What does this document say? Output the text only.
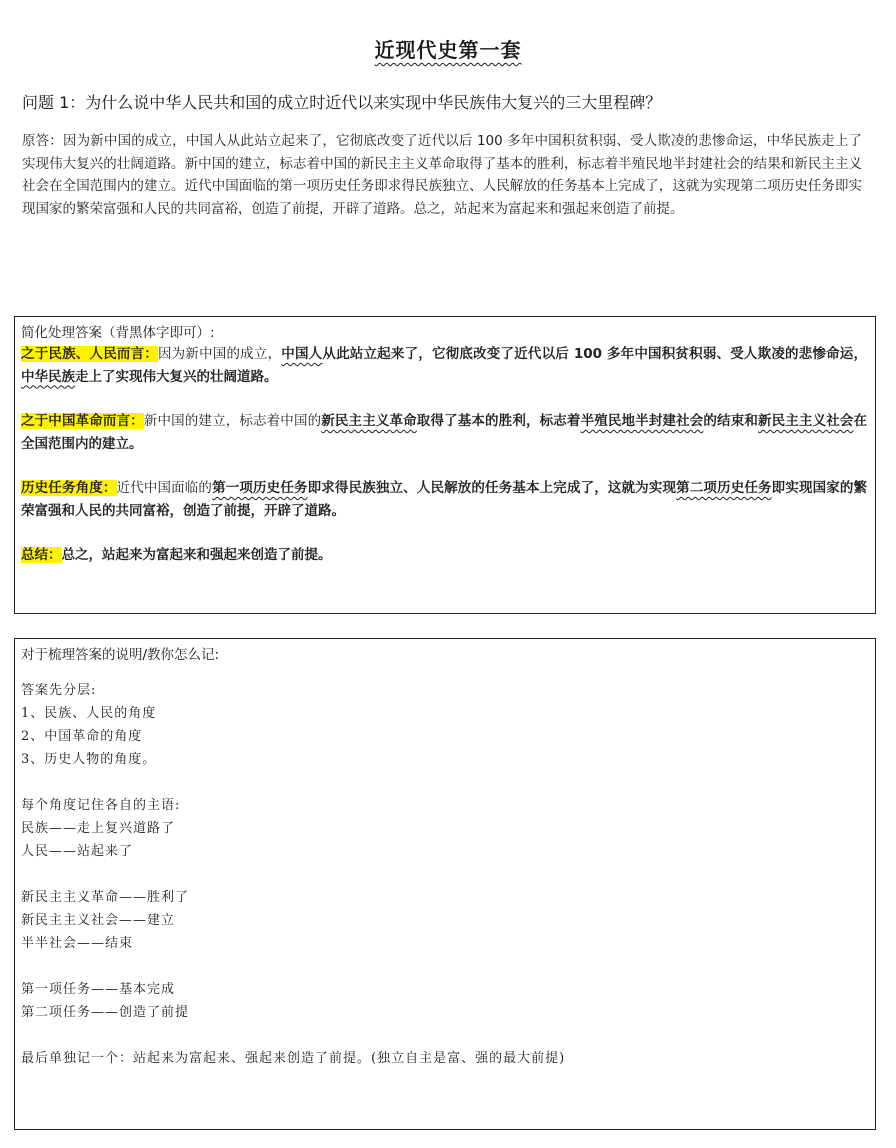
近现代史第一套
问题 1：为什么说中华人民共和国的成立时近代以来实现中华民族伟大复兴的三大里程碑？
原答：因为新中国的成立，中国人从此站立起来了，它彻底改变了近代以后 100 多年中国积贫积弱、受人欺凌的悲惨命运，中华民族走上了实现伟大复兴的壮阔道路。新中国的建立，标志着中国的新民主主义革命取得了基本的胜利，标志着半殖民地半封建社会的结果和新民主主义社会在全国范围内的建立。近代中国面临的第一项历史任务即求得民族独立、人民解放的任务基本上完成了，这就为实现第二项历史任务即实现国家的繁荣富强和人民的共同富裕，创造了前提，开辟了道路。总之，站起来为富起来和强起来创造了前提。
简化处理答案（背黑体字即可）:
之于民族、人民而言：因为新中国的成立，中国人从此站立起来了，它彻底改变了近代以后 100 多年中国积贫积弱、受人欺凌的悲惨命运，中华民族走上了实现伟大复兴的壮阔道路。
之于中国革命而言：新中国的建立，标志着中国的新民主主义革命取得了基本的胜利，标志着半殖民地半封建社会的结束和新民主主义社会在全国范围内的建立。
历史任务角度：近代中国面临的第一项历史任务即求得民族独立、人民解放的任务基本上完成了，这就为实现第二项历史任务即实现国家的繁荣富强和人民的共同富裕，创造了前提，开辟了道路。
总结：总之，站起来为富起来和强起来创造了前提。
对于梳理答案的说明/教你怎么记:
答案先分层:
1、民族、人民的角度
2、中国革命的角度
3、历史人物的角度。
每个角度记住各自的主语:
民族——走上复兴道路了
人民——站起来了
新民主主义革命——胜利了
新民主主义社会——建立
半半社会——结束
第一项任务——基本完成
第二项任务——创造了前提
最后单独记一个：站起来为富起来、强起来创造了前提。(独立自主是富、强的最大前提)
